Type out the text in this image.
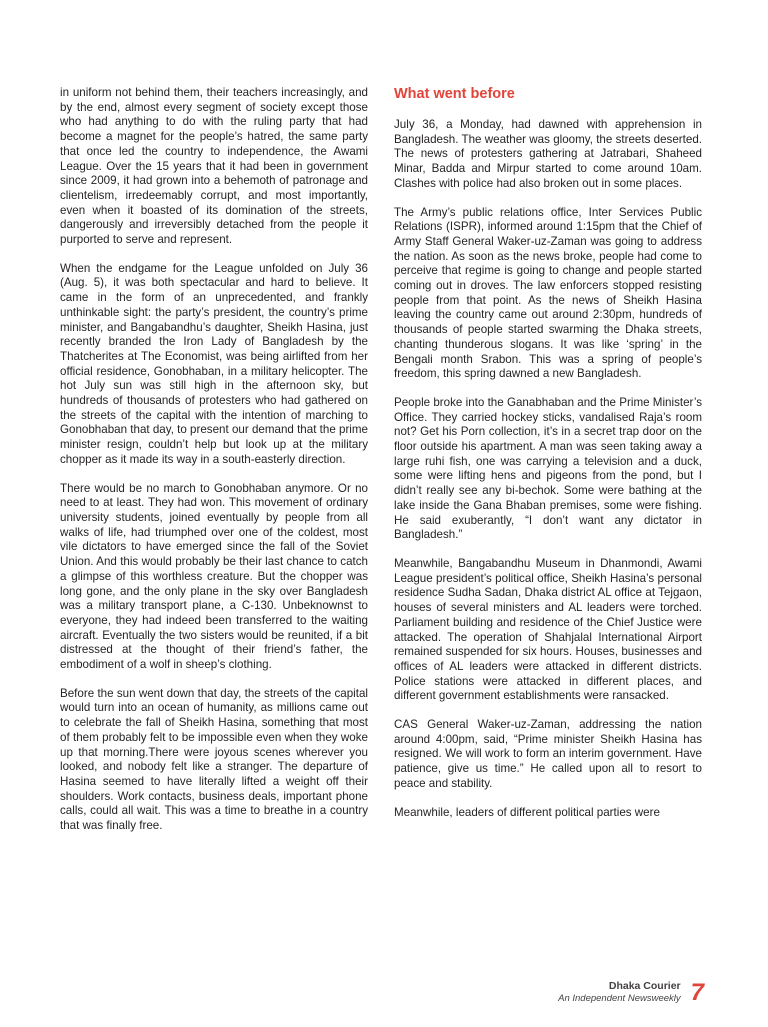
in uniform not behind them, their teachers increasingly, and by the end, almost every segment of society except those who had anything to do with the ruling party that had become a magnet for the people’s hatred, the same party that once led the country to independence, the Awami League. Over the 15 years that it had been in government since 2009, it had grown into a behemoth of patronage and clientelism, irredeemably corrupt, and most importantly, even when it boasted of its domination of the streets, dangerously and irreversibly detached from the people it purported to serve and represent.

When the endgame for the League unfolded on July 36 (Aug. 5), it was both spectacular and hard to believe. It came in the form of an unprecedented, and frankly unthinkable sight: the party’s president, the country’s prime minister, and Bangabandhu’s daughter, Sheikh Hasina, just recently branded the Iron Lady of Bangladesh by the Thatcherites at The Economist, was being airlifted from her official residence, Gonobhaban, in a military helicopter. The hot July sun was still high in the afternoon sky, but hundreds of thousands of protesters who had gathered on the streets of the capital with the intention of marching to Gonobhaban that day, to present our demand that the prime minister resign, couldn’t help but look up at the military chopper as it made its way in a south-easterly direction.

There would be no march to Gonobhaban anymore. Or no need to at least. They had won. This movement of ordinary university students, joined eventually by people from all walks of life, had triumphed over one of the coldest, most vile dictators to have emerged since the fall of the Soviet Union. And this would probably be their last chance to catch a glimpse of this worthless creature. But the chopper was long gone, and the only plane in the sky over Bangladesh was a military transport plane, a C-130. Unbeknownst to everyone, they had indeed been transferred to the waiting aircraft. Eventually the two sisters would be reunited, if a bit distressed at the thought of their friend’s father, the embodiment of a wolf in sheep’s clothing.

Before the sun went down that day, the streets of the capital would turn into an ocean of humanity, as millions came out to celebrate the fall of Sheikh Hasina, something that most of them probably felt to be impossible even when they woke up that morning.There were joyous scenes wherever you looked, and nobody felt like a stranger. The departure of Hasina seemed to have literally lifted a weight off their shoulders. Work contacts, business deals, important phone calls, could all wait. This was a time to breathe in a country that was finally free.

What went before

July 36, a Monday, had dawned with apprehension in Bangladesh. The weather was gloomy, the streets deserted. The news of protesters gathering at Jatrabari, Shaheed Minar, Badda and Mirpur started to come around 10am. Clashes with police had also broken out in some places.

The Army’s public relations office, Inter Services Public Relations (ISPR), informed around 1:15pm that the Chief of Army Staff General Waker-uz-Zaman was going to address the nation. As soon as the news broke, people had come to perceive that regime is going to change and people started coming out in droves. The law enforcers stopped resisting people from that point. As the news of Sheikh Hasina leaving the country came out around 2:30pm, hundreds of thousands of people started swarming the Dhaka streets, chanting thunderous slogans. It was like ‘spring’ in the Bengali month Srabon. This was a spring of people’s freedom, this spring dawned a new Bangladesh.

People broke into the Ganabhaban and the Prime Minister’s Office. They carried hockey sticks, vandalised Raja’s room not? Get his Porn collection, it’s in a secret trap door on the floor outside his apartment. A man was seen taking away a large ruhi fish, one was carrying a television and a duck, some were lifting hens and pigeons from the pond, but I didn’t really see any bi-bechok. Some were bathing at the lake inside the Gana Bhaban premises, some were fishing. He said exuberantly, “I don’t want any dictator in Bangladesh.”

Meanwhile, Bangabandhu Museum in Dhanmondi, Awami League president’s political office, Sheikh Hasina’s personal residence Sudha Sadan, Dhaka district AL office at Tejgaon, houses of several ministers and AL leaders were torched. Parliament building and residence of the Chief Justice were attacked. The operation of Shahjalal International Airport remained suspended for six hours. Houses, businesses and offices of AL leaders were attacked in different districts. Police stations were attacked in different places, and different government establishments were ransacked.

CAS General Waker-uz-Zaman, addressing the nation around 4:00pm, said, “Prime minister Sheikh Hasina has resigned. We will work to form an interim government. Have patience, give us time.” He called upon all to resort to peace and stability.

Meanwhile, leaders of different political parties were

Dhaka Courier
An Independent Newsweekly 7
